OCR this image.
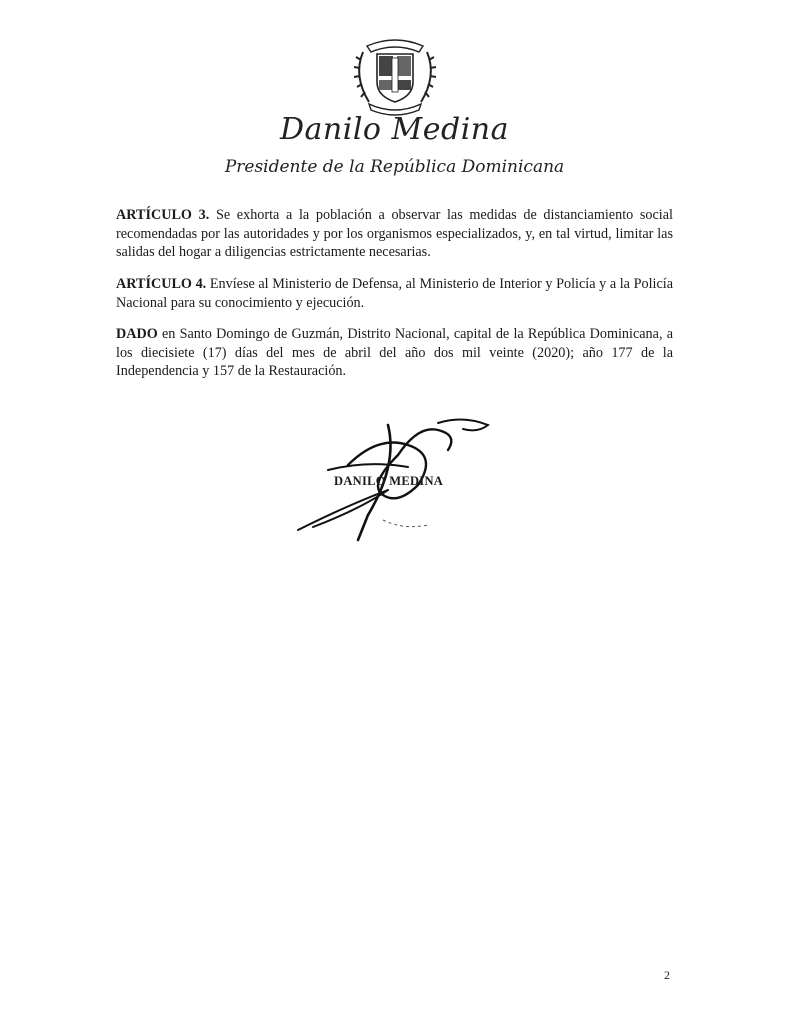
Danilo Medina
Presidente de la República Dominicana
ARTÍCULO 3. Se exhorta a la población a observar las medidas de distanciamiento social recomendadas por las autoridades y por los organismos especializados, y, en tal virtud, limitar las salidas del hogar a diligencias estrictamente necesarias.
ARTÍCULO 4. Envíese al Ministerio de Defensa, al Ministerio de Interior y Policía y a la Policía Nacional para su conocimiento y ejecución.
DADO en Santo Domingo de Guzmán, Distrito Nacional, capital de la República Dominicana, a los diecisiete (17) días del mes de abril del año dos mil veinte (2020); año 177 de la Independencia y 157 de la Restauración.
DANILO MEDINA
2
